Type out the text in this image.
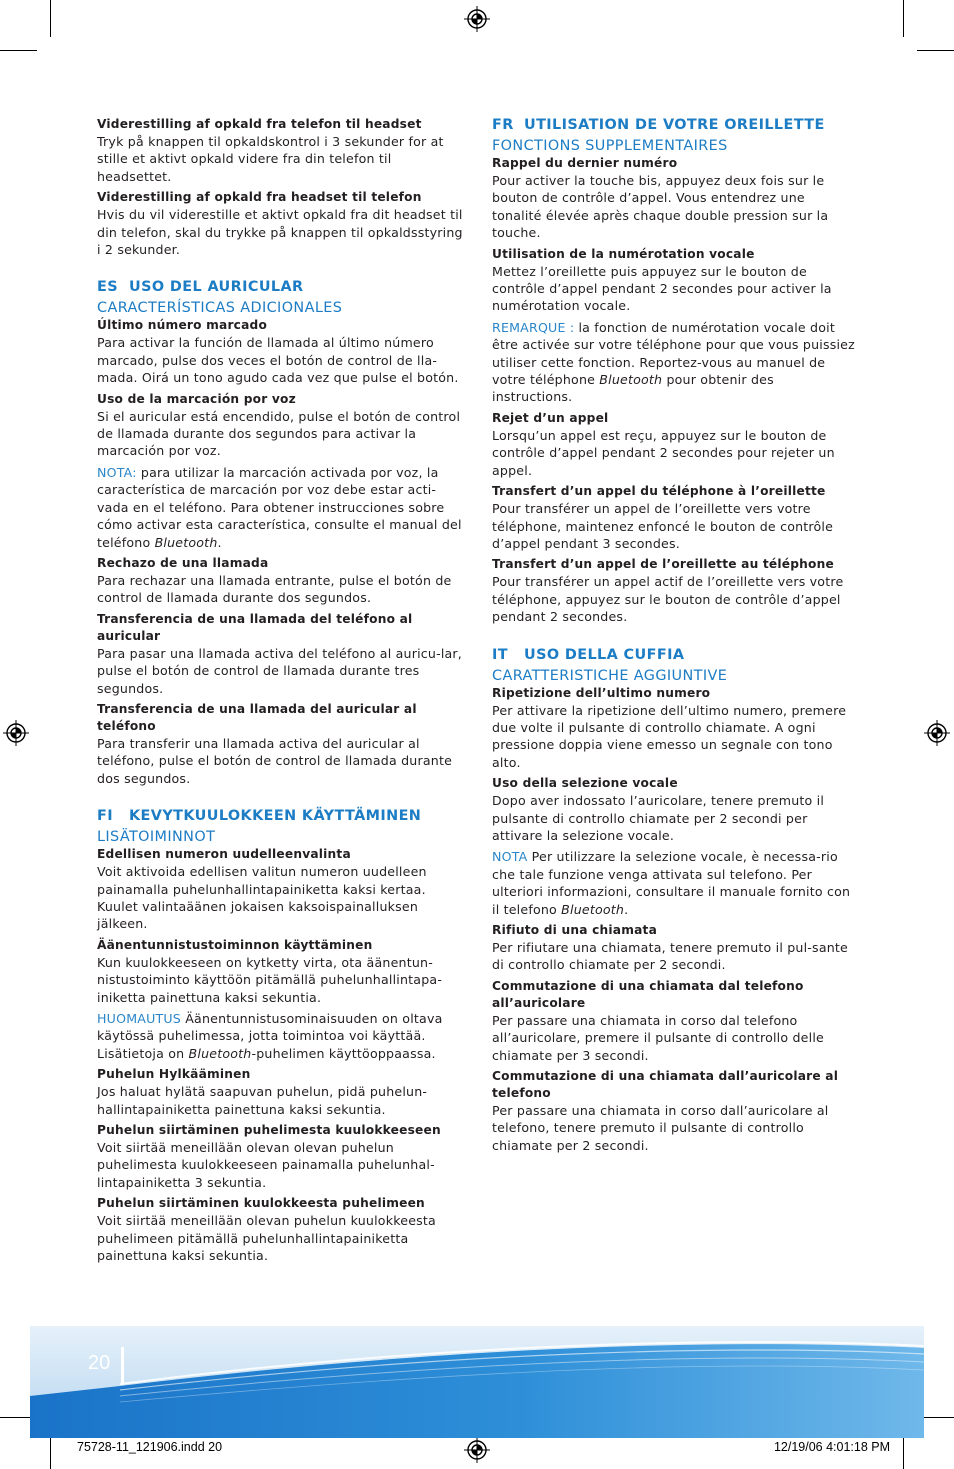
Viderestilling af opkald fra telefon til headset
Tryk på knappen til opkaldskontrol i 3 sekunder for at stille et aktivt opkald videre fra din telefon til headsettet.
Viderestilling af opkald fra headset til telefon
Hvis du vil viderestille et aktivt opkald fra dit headset til din telefon, skal du trykke på knappen til opkaldsstyring i 2 sekunder.
ES USO DEL AURICULAR
CARACTERÍSTICAS ADICIONALES
Último número marcado
Para activar la función de llamada al último número marcado, pulse dos veces el botón de control de lla-mada. Oirá un tono agudo cada vez que pulse el botón.
Uso de la marcación por voz
Si el auricular está encendido, pulse el botón de control de llamada durante dos segundos para activar la marcación por voz.
NOTA: para utilizar la marcación activada por voz, la característica de marcación por voz debe estar acti-vada en el teléfono. Para obtener instrucciones sobre cómo activar esta característica, consulte el manual del teléfono Bluetooth.
Rechazo de una llamada
Para rechazar una llamada entrante, pulse el botón de control de llamada durante dos segundos.
Transferencia de una llamada del teléfono al auricular
Para pasar una llamada activa del teléfono al auricu-lar, pulse el botón de control de llamada durante tres segundos.
Transferencia de una llamada del auricular al teléfono
Para transferir una llamada activa del auricular al teléfono, pulse el botón de control de llamada durante dos segundos.
FI KEVYTKUULOKKEEN KÄYTTÄMINEN
LISÄTOIMINNOT
Edellisen numeron uudelleenvalinta
Voit aktivoida edellisen valitun numeron uudelleen painamalla puhelunhallintapainiketta kaksi kertaa. Kuulet valintaäänen jokaisen kaksoispainalluksen jälkeen.
Äänentunnistustoiminnon käyttäminen
Kun kuulokkeeseen on kytketty virta, ota äänentun-nistustoiminto käyttöön pitämällä puhelunhallintapa-iniketta painettuna kaksi sekuntia.
HUOMAUTUS Äänentunnistusominaisuuden on oltava käytössä puhelimessa, jotta toimintoa voi käyttää. Lisätietoja on Bluetooth-puhelimen käyttöoppaassa.
Puhelun Hylkääminen
Jos haluat hylätä saapuvan puhelun, pidä puhelun-hallintapainiketta painettuna kaksi sekuntia.
Puhelun siirtäminen puhelimesta kuulokkeeseen
Voit siirtää meneillään olevan olevan puhelun puhelimesta kuulokkeeseen painamalla puhelunhal-lintapainiketta 3 sekuntia.
Puhelun siirtäminen kuulokkeesta puhelimeen
Voit siirtää meneillään olevan puhelun kuulokkeesta puhelimeen pitämällä puhelunhallintapainiketta painettuna kaksi sekuntia.
FR UTILISATION DE VOTRE OREILLETTE
FONCTIONS SUPPLEMENTAIRES
Rappel du dernier numéro
Pour activer la touche bis, appuyez deux fois sur le bouton de contrôle d’appel. Vous entendrez une tonalité élevée après chaque double pression sur la touche.
Utilisation de la numérotation vocale
Mettez l’oreillette puis appuyez sur le bouton de contrôle d’appel pendant 2 secondes pour activer la numérotation vocale.
REMARQUE : la fonction de numérotation vocale doit être activée sur votre téléphone pour que vous puissiez utiliser cette fonction. Reportez-vous au manuel de votre téléphone Bluetooth pour obtenir des instructions.
Rejet d’un appel
Lorsqu’un appel est reçu, appuyez sur le bouton de contrôle d’appel pendant 2 secondes pour rejeter un appel.
Transfert d’un appel du téléphone à l’oreillette
Pour transférer un appel de l’oreillette vers votre téléphone, maintenez enfoncé le bouton de contrôle d’appel pendant 3 secondes.
Transfert d’un appel de l’oreillette au téléphone
Pour transférer un appel actif de l’oreillette vers votre téléphone, appuyez sur le bouton de contrôle d’appel pendant 2 secondes.
IT USO DELLA CUFFIA
CARATTERISTICHE AGGIUNTIVE
Ripetizione dell’ultimo numero
Per attivare la ripetizione dell’ultimo numero, premere due volte il pulsante di controllo chiamate. A ogni pressione doppia viene emesso un segnale con tono alto.
Uso della selezione vocale
Dopo aver indossato l’auricolare, tenere premuto il pulsante di controllo chiamate per 2 secondi per attivare la selezione vocale.
NOTA Per utilizzare la selezione vocale, è necessa-rio che tale funzione venga attivata sul telefono. Per ulteriori informazioni, consultare il manuale fornito con il telefono Bluetooth.
Rifiuto di una chiamata
Per rifiutare una chiamata, tenere premuto il pul-sante di controllo chiamate per 2 secondi.
Commutazione di una chiamata dal telefono all’auricolare
Per passare una chiamata in corso dal telefono all’auricolare, premere il pulsante di controllo delle chiamate per 3 secondi.
Commutazione di una chiamata dall’auricolare al telefono
Per passare una chiamata in corso dall’auricolare al telefono, tenere premuto il pulsante di controllo chiamate per 2 secondi.
20
75728-11_121906.indd 20	12/19/06 4:01:18 PM
